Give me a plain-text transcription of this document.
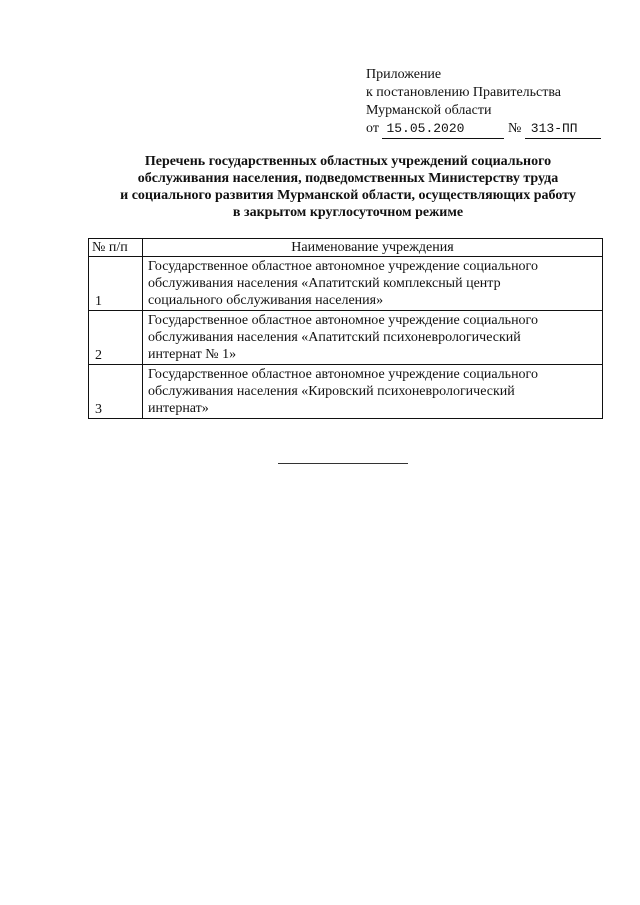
Приложение
к постановлению Правительства
Мурманской области
от 15.05.2020	№ 313-ПП
Перечень государственных областных учреждений социального
обслуживания населения, подведомственных Министерству труда
и социального развития Мурманской области, осуществляющих работу
в закрытом круглосуточном режиме
№ п/п	Наименование учреждения
1	Государственное областное автономное учреждение социального
обслуживания населения «Апатитский комплексный центр
социального обслуживания населения»

2	Государственное областное автономное учреждение социального
обслуживания населения «Апатитский психоневрологический
интернат № 1»

3	Государственное областное автономное учреждение социального
обслуживания населения «Кировский психоневрологический
интернат»
